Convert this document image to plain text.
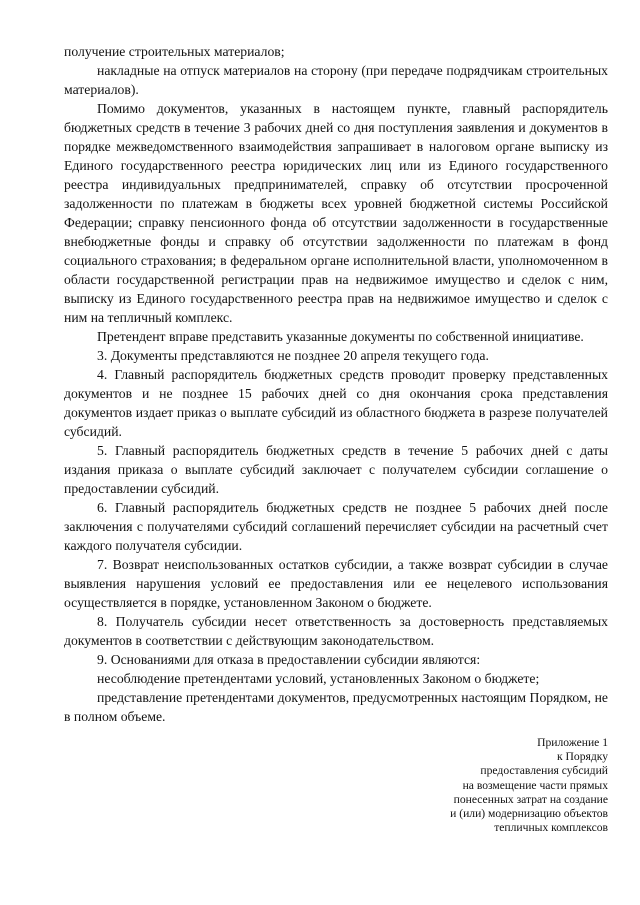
получение строительных материалов;

накладные на отпуск материалов на сторону (при передаче подрядчикам строительных материалов).

Помимо документов, указанных в настоящем пункте, главный распорядитель бюджетных средств в течение 3 рабочих дней со дня поступления заявления и документов в порядке межведомственного взаимодействия запрашивает в налоговом органе выписку из Единого государственного реестра юридических лиц или из Единого государственного реестра индивидуальных предпринимателей, справку об отсутствии просроченной задолженности по платежам в бюджеты всех уровней бюджетной системы Российской Федерации; справку пенсионного фонда об отсутствии задолженности в государственные внебюджетные фонды и справку об отсутствии задолженности по платежам в фонд социального страхования; в федеральном органе исполнительной власти, уполномоченном в области государственной регистрации прав на недвижимое имущество и сделок с ним, выписку из Единого государственного реестра прав на недвижимое имущество и сделок с ним на тепличный комплекс.

Претендент вправе представить указанные документы по собственной инициативе.

3. Документы представляются не позднее 20 апреля текущего года.

4. Главный распорядитель бюджетных средств проводит проверку представленных документов и не позднее 15 рабочих дней со дня окончания срока представления документов издает приказ о выплате субсидий из областного бюджета в разрезе получателей субсидий.

5. Главный распорядитель бюджетных средств в течение 5 рабочих дней с даты издания приказа о выплате субсидий заключает с получателем субсидии соглашение о предоставлении субсидий.

6. Главный распорядитель бюджетных средств не позднее 5 рабочих дней после заключения с получателями субсидий соглашений перечисляет субсидии на расчетный счет каждого получателя субсидии.

7. Возврат неиспользованных остатков субсидии, а также возврат субсидии в случае выявления нарушения условий ее предоставления или ее нецелевого использования осуществляется в порядке, установленном Законом о бюджете.

8. Получатель субсидии несет ответственность за достоверность представляемых документов в соответствии с действующим законодательством.

9. Основаниями для отказа в предоставлении субсидии являются:

несоблюдение претендентами условий, установленных Законом о бюджете;

представление претендентами документов, предусмотренных настоящим Порядком, не в полном объеме.

Приложение 1
к Порядку
предоставления субсидий
на возмещение части прямых
понесенных затрат на создание
и (или) модернизацию объектов
тепличных комплексов
